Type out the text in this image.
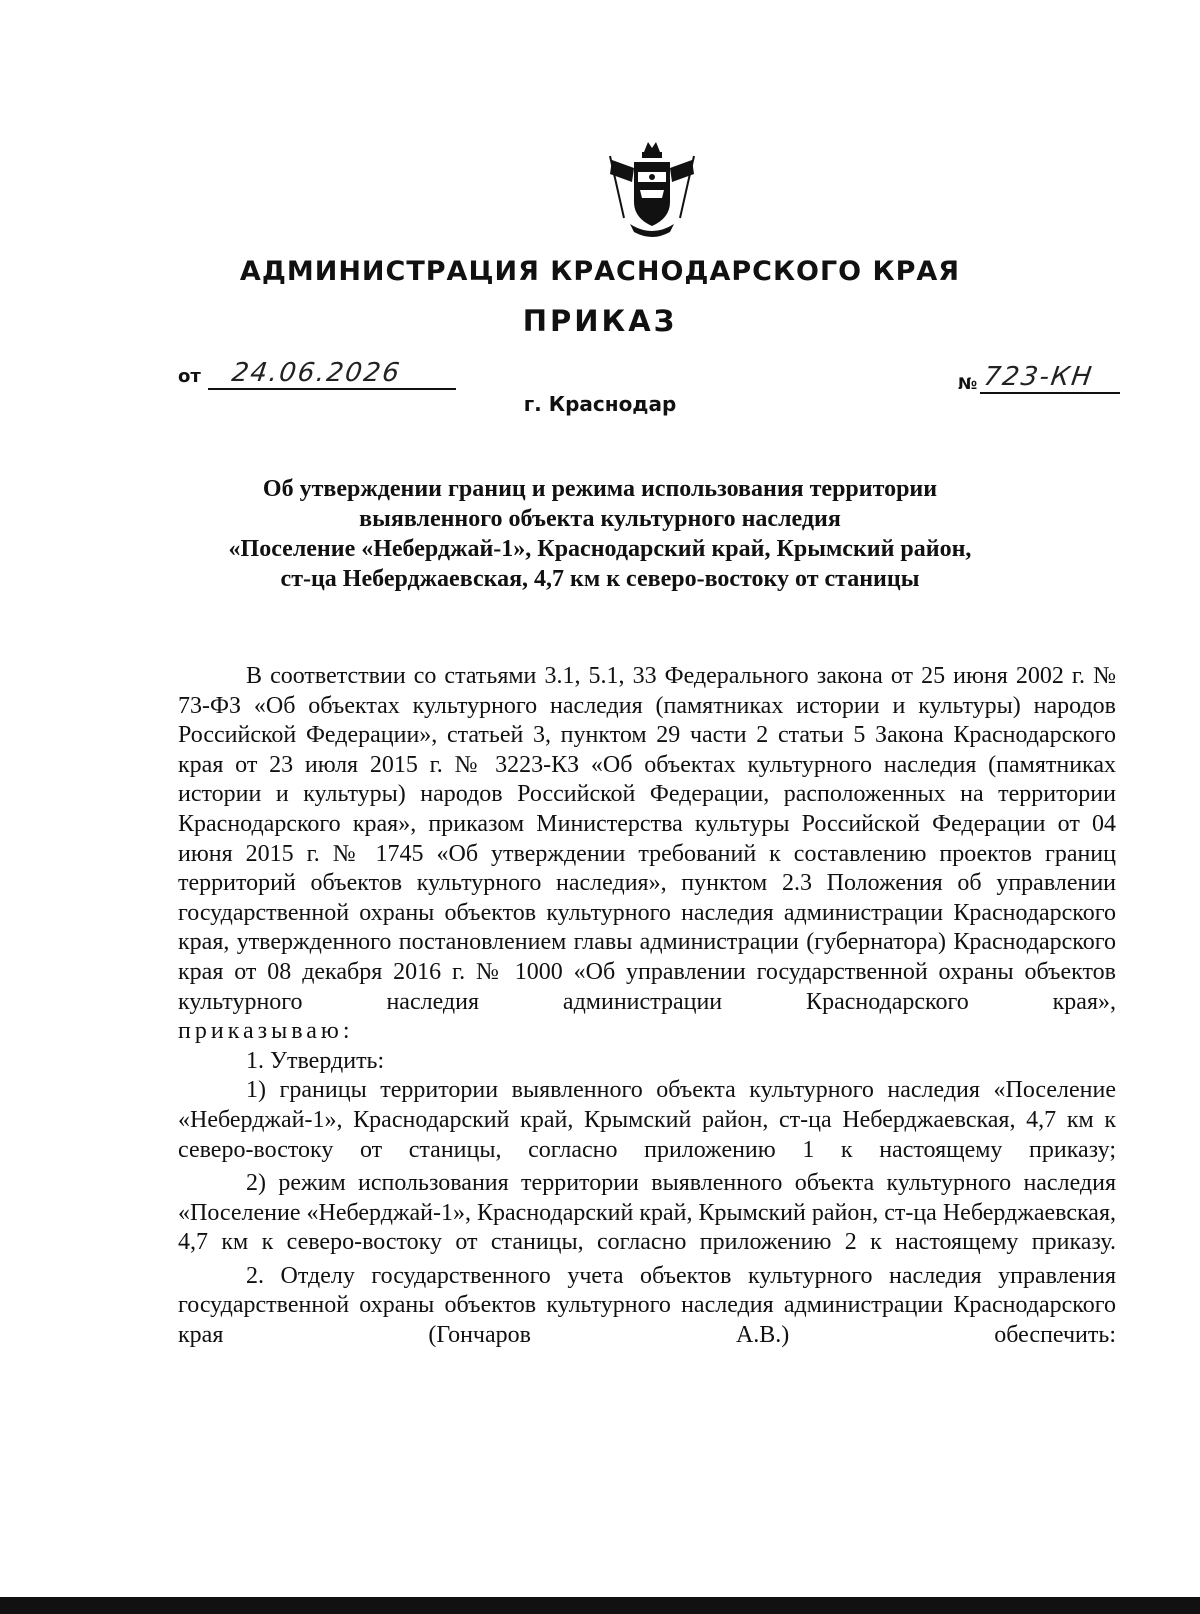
АДМИНИСТРАЦИЯ КРАСНОДАРСКОГО КРАЯ
ПРИКАЗ
от 24.06.2026	№ 723-КН
г. Краснодар
Об утверждении границ и режима использования территории
выявленного объекта культурного наследия
«Поселение «Неберджай-1», Краснодарский край, Крымский район,
ст-ца Неберджаевская, 4,7 км к северо-востоку от станицы

В соответствии со статьями 3.1, 5.1, 33 Федерального закона от 25 июня 2002 г. № 73-ФЗ «Об объектах культурного наследия (памятниках истории и культуры) народов Российской Федерации», статьей 3, пунктом 29 части 2 статьи 5 Закона Краснодарского края от 23 июля 2015 г. № 3223-КЗ «Об объектах культурного наследия (памятниках истории и культуры) народов Российской Федерации, расположенных на территории Краснодарского края», приказом Министерства культуры Российской Федерации от 04 июня 2015 г. № 1745 «Об утверждении требований к составлению проектов границ территорий объектов культурного наследия», пунктом 2.3 Положения об управлении государственной охраны объектов культурного наследия администрации Краснодарского края, утвержденного постановлением главы администрации (губернатора) Краснодарского края от 08 декабря 2016 г. № 1000 «Об управлении государственной охраны объектов культурного наследия администрации Краснодарского края»,

приказываю:

1. Утвердить:

1) границы территории выявленного объекта культурного наследия «Поселение «Неберджай-1», Краснодарский край, Крымский район, ст-ца Неберджаевская, 4,7 км к северо-востоку от станицы, согласно приложению 1 к настоящему приказу;

2) режим использования территории выявленного объекта культурного наследия «Поселение «Неберджай-1», Краснодарский край, Крымский район, ст-ца Неберджаевская, 4,7 км к северо-востоку от станицы, согласно приложению 2 к настоящему приказу.

2. Отделу государственного учета объектов культурного наследия управления государственной охраны объектов культурного наследия администрации Краснодарского края (Гончаров А.В.) обеспечить:
